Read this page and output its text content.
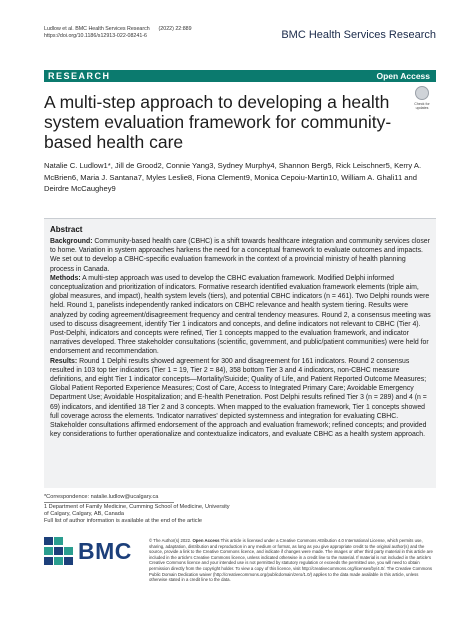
Ludlow et al. BMC Health Services Research (2022) 22:889
https://doi.org/10.1186/s12913-022-08241-6	BMC Health Services Research
RESEARCH	Open Access
Check for updates
A multi-step approach to developing a health system evaluation framework for community-based health care
Natalie C. Ludlow1*, Jill de Grood2, Connie Yang3, Sydney Murphy4, Shannon Berg5, Rick Leischner5, Kerry A. McBrien6, Maria J. Santana7, Myles Leslie8, Fiona Clement9, Monica Cepoiu-Martin10, William A. Ghali11 and Deirdre McCaughey9
Abstract

Background: Community-based health care (CBHC) is a shift towards healthcare integration and community services closer to home. Variation in system approaches harkens the need for a conceptual framework to evaluate outcomes and impacts. We set out to develop a CBHC-specific evaluation framework in the context of a provincial ministry of health planning process in Canada.

Methods: A multi-step approach was used to develop the CBHC evaluation framework. Modified Delphi informed conceptualization and prioritization of indicators. Formative research identified evaluation framework elements (triple aim, global measures, and impact), health system levels (tiers), and potential CBHC indicators (n = 461). Two Delphi rounds were held. Round 1, panelists independently ranked indicators on CBHC relevance and health system tiering. Results were analyzed by coding agreement/disagreement frequency and central tendency measures. Round 2, a consensus meeting was used to discuss disagreement, identify Tier 1 indicators and concepts, and define indicators not relevant to CBHC (Tier 4). Post-Delphi, indicators and concepts were refined, Tier 1 concepts mapped to the evaluation framework, and indicator narratives developed. Three stakeholder consultations (scientific, government, and public/patient communities) were held for endorsement and recommendation.

Results: Round 1 Delphi results showed agreement for 300 and disagreement for 161 indicators. Round 2 consensus resulted in 103 top tier indicators (Tier 1 = 19, Tier 2 = 84), 358 bottom Tier 3 and 4 indicators, non-CBHC measure definitions, and eight Tier 1 indicator concepts—Mortality/Suicide; Quality of Life, and Patient Reported Outcome Measures; Global Patient Reported Experience Measures; Cost of Care, Access to Integrated Primary Care; Avoidable Emergency Department Use; Avoidable Hospitalization; and E-health Penetration. Post Delphi results refined Tier 3 (n = 289) and 4 (n = 69) indicators, and identified 18 Tier 2 and 3 concepts. When mapped to the evaluation framework, Tier 1 concepts showed full coverage across the elements. 'Indicator narratives' depicted systemness and integration for evaluating CBHC. Stakeholder consultations affirmed endorsement of the approach and evaluation framework; refined concepts; and provided key considerations to further operationalize and contextualize indicators, and evaluate CBHC as a health system approach.

*Correspondence: natalie.ludlow@ucalgary.ca
1 Department of Family Medicine, Cumming School of Medicine, University
of Calgary, Calgary, AB, Canada
Full list of author information is available at the end of the article
BMC	© The Author(s) 2022. Open Access This article is licensed under a Creative Commons Attribution 4.0 International License, which permits use, sharing, adaptation, distribution and reproduction in any medium or format, as long as you give appropriate credit to the original author(s) and the source, provide a link to the Creative Commons licence, and indicate if changes were made. The images or other third party material in this article are included in the article's Creative Commons licence, unless indicated otherwise in a credit line to the material. If material is not included in the article's Creative Commons licence and your intended use is not permitted by statutory regulation or exceeds the permitted use, you will need to obtain permission directly from the copyright holder. To view a copy of this licence, visit http://creativecommons.org/licenses/by/4.0/. The Creative Commons Public Domain Dedication waiver (http://creativecommons.org/publicdomain/zero/1.0/) applies to the data made available in this article, unless otherwise stated in a credit line to the data.
